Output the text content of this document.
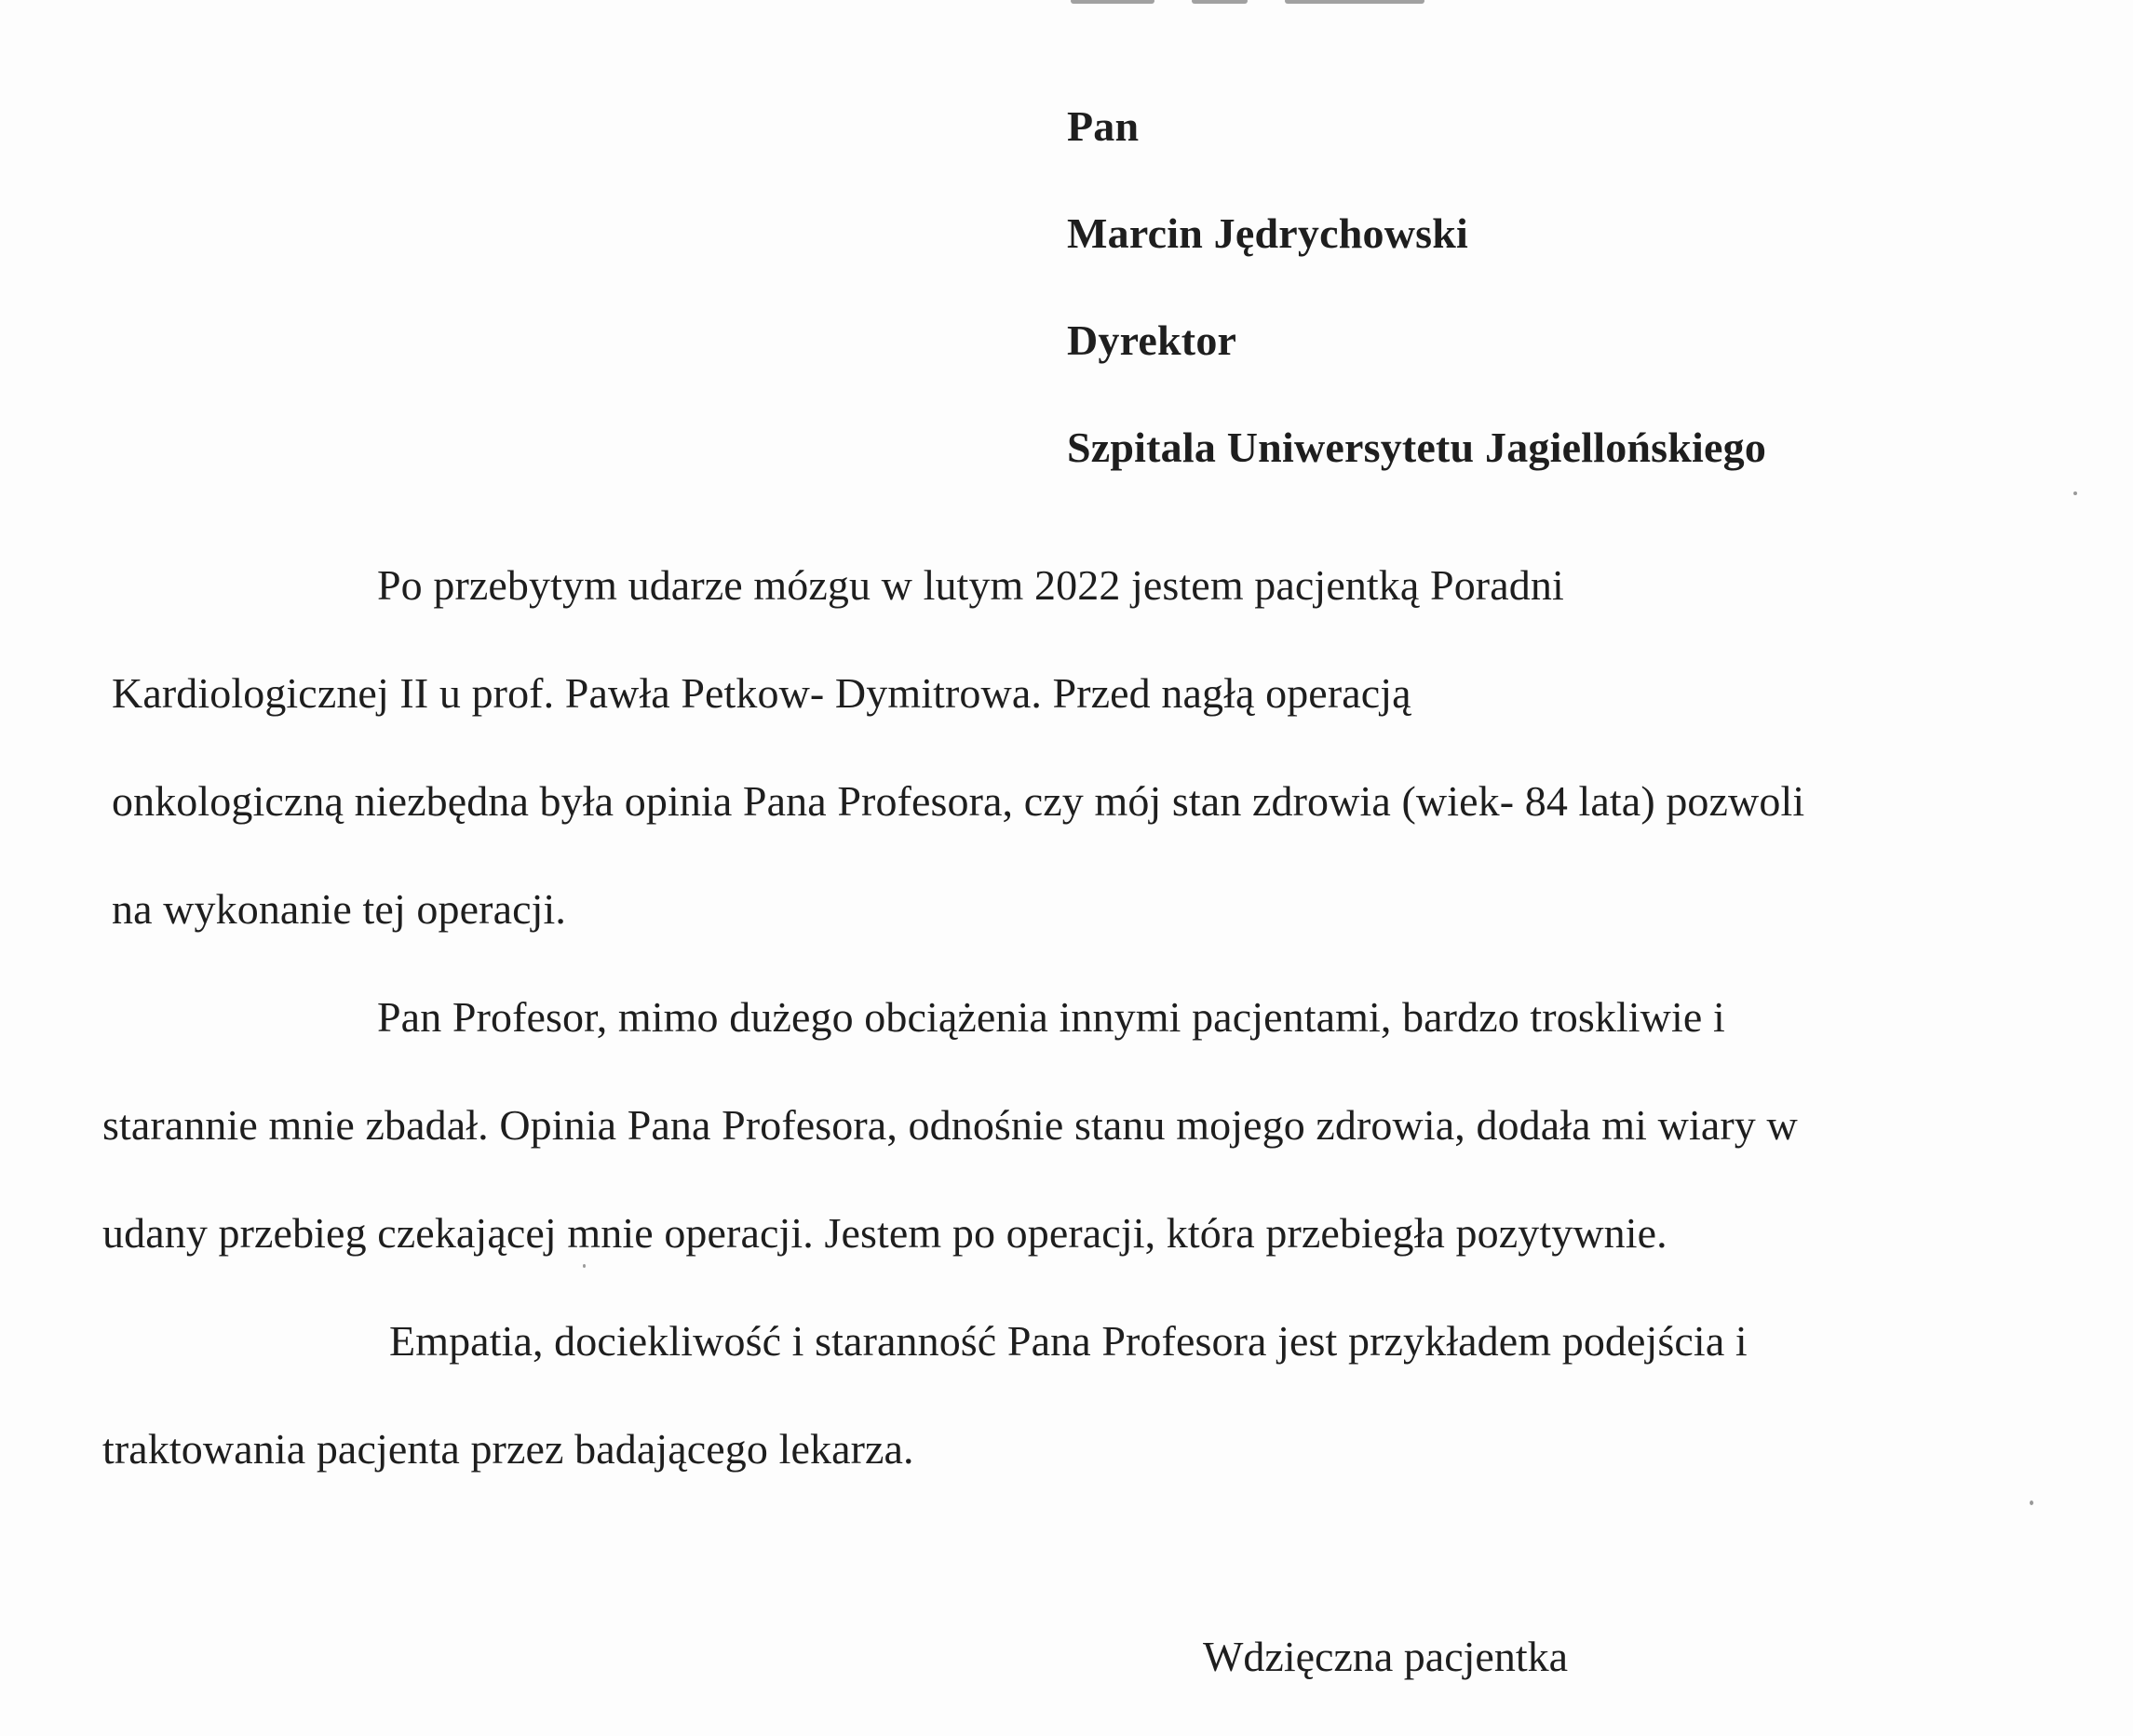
Pan
Marcin Jędrychowski
Dyrektor
Szpitala Uniwersytetu Jagiellońskiego
Po przebytym udarze mózgu w lutym 2022 jestem pacjentką Poradni
Kardiologicznej II u prof. Pawła Petkow- Dymitrowa. Przed nagłą operacją
onkologiczną niezbędna była opinia Pana Profesora, czy mój stan zdrowia (wiek- 84 lata) pozwoli
na wykonanie tej operacji.
Pan Profesor, mimo dużego obciążenia innymi pacjentami, bardzo troskliwie i
starannie mnie zbadał. Opinia Pana Profesora, odnośnie stanu mojego zdrowia, dodała mi wiary w
udany przebieg czekającej mnie operacji. Jestem po operacji, która przebiegła pozytywnie.
Empatia, dociekliwość i staranność Pana Profesora jest przykładem podejścia i
traktowania pacjenta przez badającego lekarza.
Wdzięczna pacjentka
